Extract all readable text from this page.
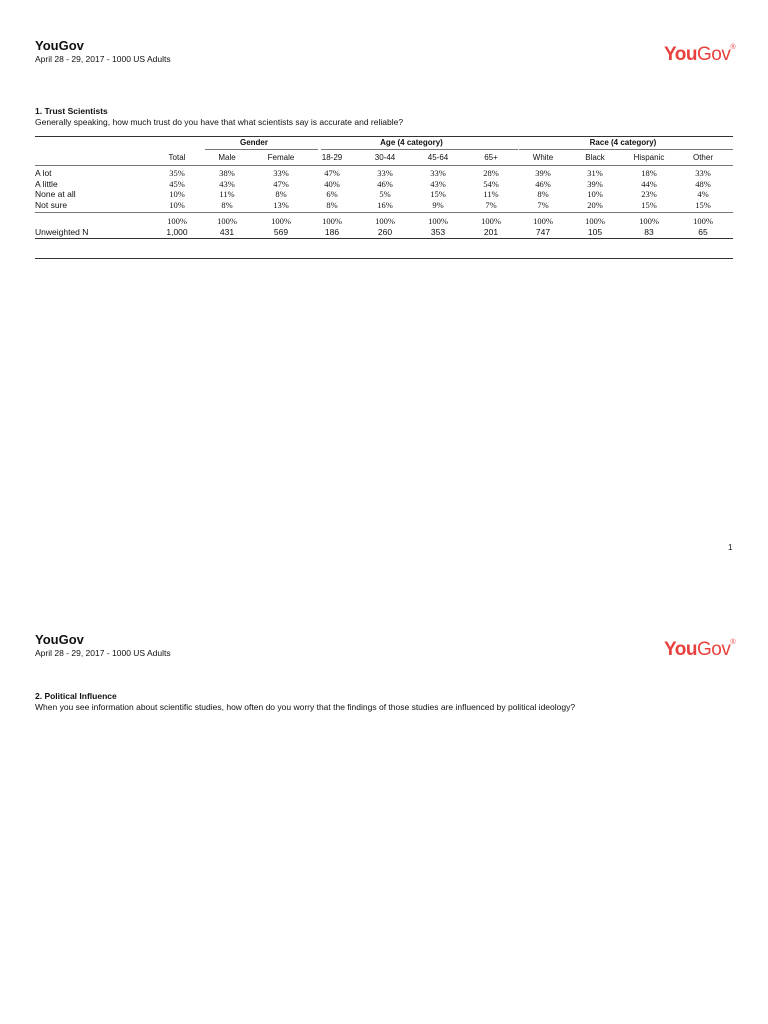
YouGov
April 28 - 29, 2017 - 1000 US Adults	YouGov®
1. Trust Scientists
Generally speaking, how much trust do you have that what scientists say is accurate and reliable?
Gender	Age (4 category)	Race (4 category)
Total	Male	Female	18-29	30-44	45-64	65+	White	Black	Hispanic	Other
A lot	35%	38%	33%	47%	33%	33%	28%	39%	31%	18%	33%
A little	45%	43%	47%	40%	46%	43%	54%	46%	39%	44%	48%
None at all	10%	11%	8%	6%	5%	15%	11%	8%	10%	23%	4%
Not sure	10%	8%	13%	8%	16%	9%	7%	7%	20%	15%	15%
100%	100%	100%	100%	100%	100%	100%	100%	100%	100%	100%
Unweighted N	1,000	431	569	186	260	353	201	747	105	83	65
1
YouGov
April 28 - 29, 2017 - 1000 US Adults	YouGov®
2. Political Influence
When you see information about scientific studies, how often do you worry that the findings of those studies are influenced by political ideology?
